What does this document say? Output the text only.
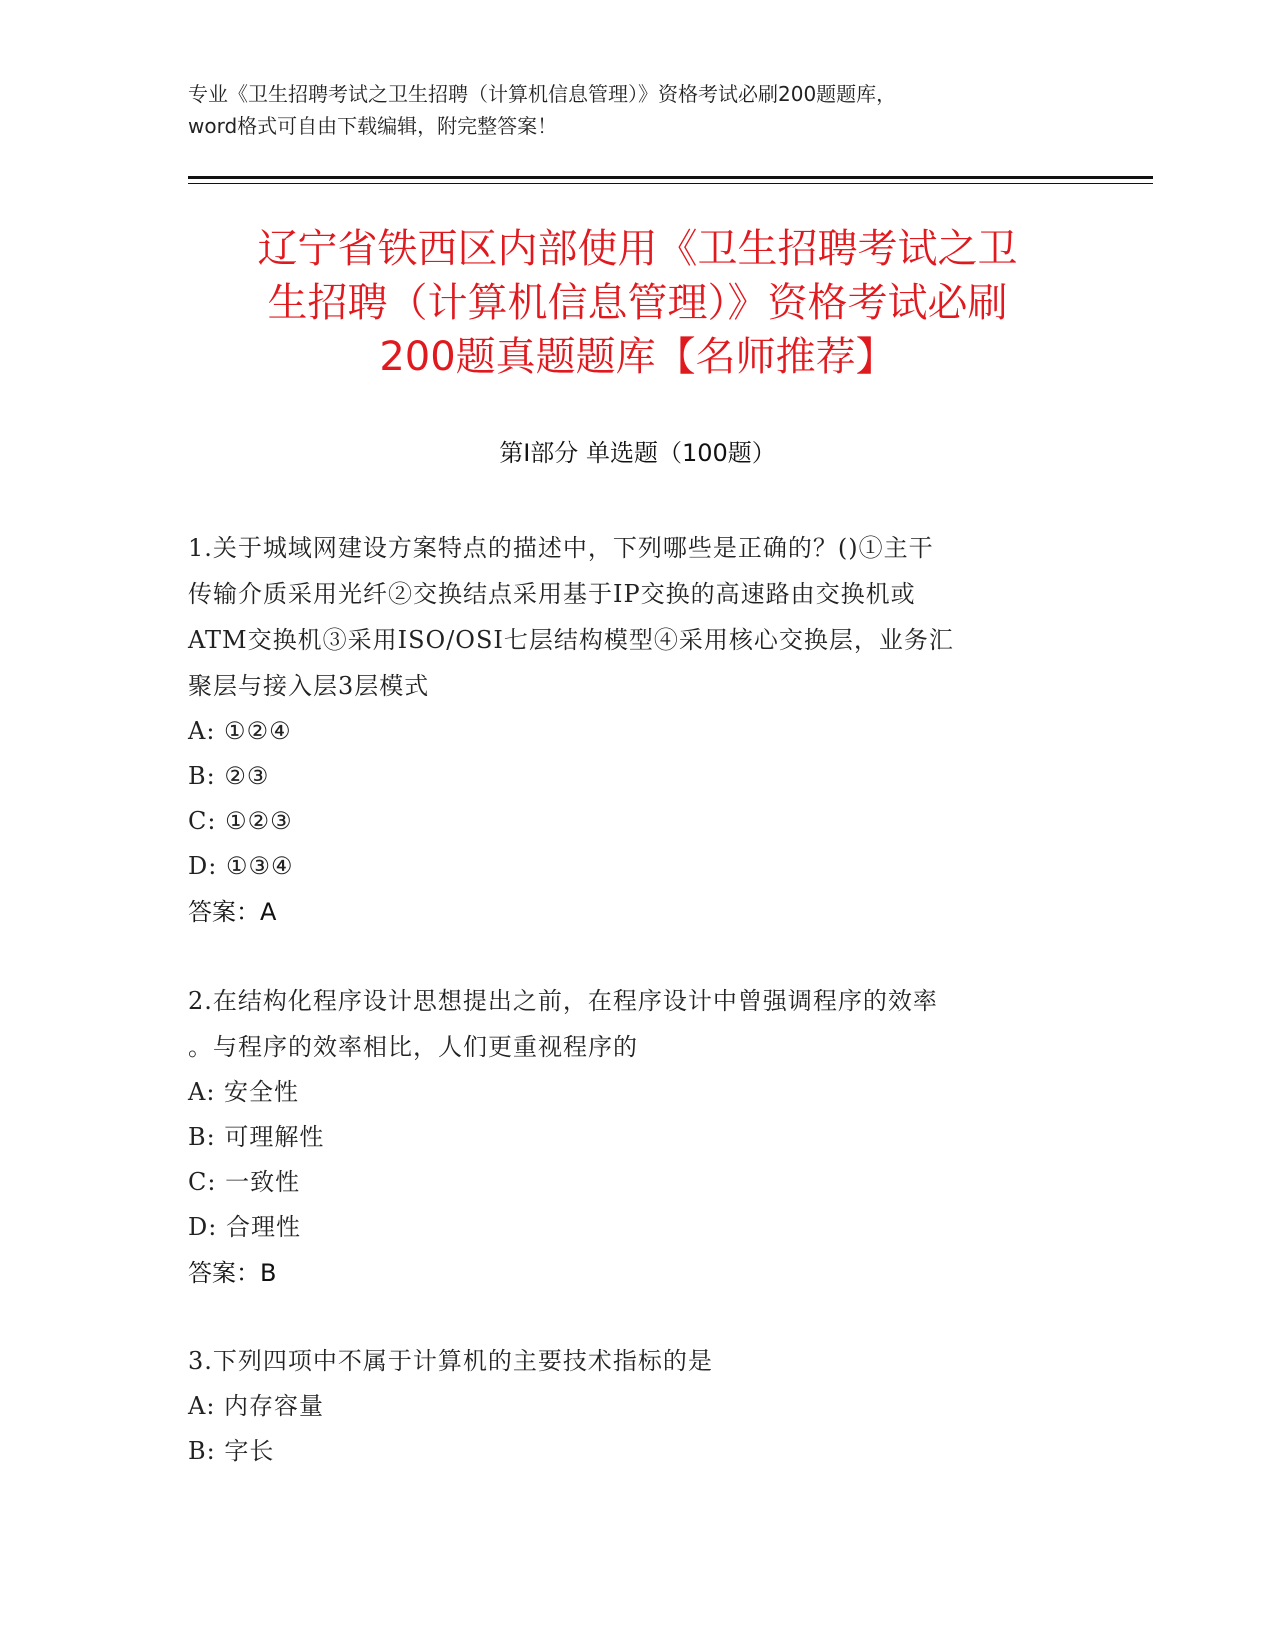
专业《卫生招聘考试之卫生招聘（计算机信息管理）》资格考试必刷200题题库，
word格式可自由下载编辑，附完整答案！
辽宁省铁西区内部使用《卫生招聘考试之卫
生招聘（计算机信息管理）》资格考试必刷
200题真题题库【名师推荐】
第Ⅰ部分 单选题（100题）
1.关于城域网建设方案特点的描述中，下列哪些是正确的？()①主干
传输介质采用光纤②交换结点采用基于IP交换的高速路由交换机或
ATM交换机③采用ISO/OSI七层结构模型④采用核心交换层，业务汇
聚层与接入层3层模式
A: ①②④
B: ②③
C: ①②③
D: ①③④
答案：A
2.在结构化程序设计思想提出之前，在程序设计中曾强调程序的效率
。与程序的效率相比，人们更重视程序的
A: 安全性
B: 可理解性
C: 一致性
D: 合理性
答案：B
3.下列四项中不属于计算机的主要技术指标的是
A: 内存容量
B: 字长
